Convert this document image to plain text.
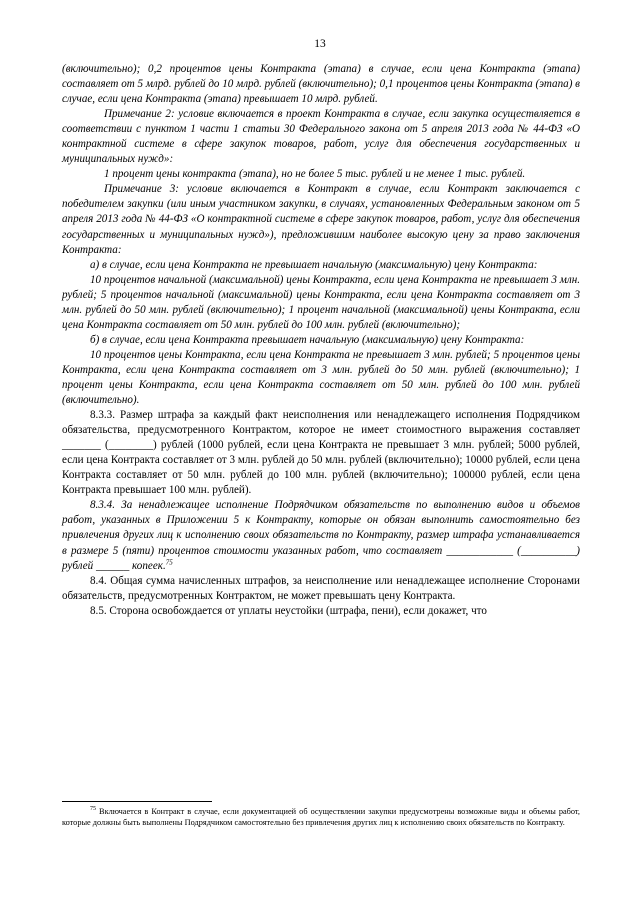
13

(включительно); 0,2 процентов цены Контракта (этапа) в случае, если цена Контракта (этапа) составляет от 5 млрд. рублей до 10 млрд. рублей (включительно); 0,1 процентов цены Контракта (этапа) в случае, если цена Контракта (этапа) превышает 10 млрд. рублей.

Примечание 2: условие включается в проект Контракта в случае, если закупка осуществляется в соответствии с пунктом 1 части 1 статьи 30 Федерального закона от 5 апреля 2013 года № 44-ФЗ «О контрактной системе в сфере закупок товаров, работ, услуг для обеспечения государственных и муниципальных нужд»:

1 процент цены контракта (этапа), но не более 5 тыс. рублей и не менее 1 тыс. рублей.

Примечание 3: условие включается в Контракт в случае, если Контракт заключается с победителем закупки (или иным участником закупки, в случаях, установленных Федеральным законом от 5 апреля 2013 года № 44-ФЗ «О контрактной системе в сфере закупок товаров, работ, услуг для обеспечения государственных и муниципальных нужд»), предложившим наиболее высокую цену за право заключения Контракта:

а) в случае, если цена Контракта не превышает начальную (максимальную) цену Контракта:

10 процентов начальной (максимальной) цены Контракта, если цена Контракта не превышает 3 млн. рублей; 5 процентов начальной (максимальной) цены Контракта, если цена Контракта составляет от 3 млн. рублей до 50 млн. рублей (включительно); 1 процент начальной (максимальной) цены Контракта, если цена Контракта составляет от 50 млн. рублей до 100 млн. рублей (включительно);

б) в случае, если цена Контракта превышает начальную (максимальную) цену Контракта:

10 процентов цены Контракта, если цена Контракта не превышает 3 млн. рублей; 5 процентов цены Контракта, если цена Контракта составляет от 3 млн. рублей до 50 млн. рублей (включительно); 1 процент цены Контракта, если цена Контракта составляет от 50 млн. рублей до 100 млн. рублей (включительно).

8.3.3. Размер штрафа за каждый факт неисполнения или ненадлежащего исполнения Подрядчиком обязательства, предусмотренного Контрактом, которое не имеет стоимостного выражения составляет _______ (________) рублей (1000 рублей, если цена Контракта не превышает 3 млн. рублей; 5000 рублей, если цена Контракта составляет от 3 млн. рублей до 50 млн. рублей (включительно); 10000 рублей, если цена Контракта составляет от 50 млн. рублей до 100 млн. рублей (включительно); 100000 рублей, если цена Контракта превышает 100 млн. рублей).

8.3.4. За ненадлежащее исполнение Подрядчиком обязательств по выполнению видов и объемов работ, указанных в Приложении 5 к Контракту, которые он обязан выполнить самостоятельно без привлечения других лиц к исполнению своих обязательств по Контракту, размер штрафа устанавливается в размере 5 (пяти) процентов стоимости указанных работ, что составляет ____________ (__________) рублей ______ копеек.$^{75}$

8.4. Общая сумма начисленных штрафов, за неисполнение или ненадлежащее исполнение Сторонами обязательств, предусмотренных Контрактом, не может превышать цену Контракта.

8.5. Сторона освобождается от уплаты неустойки (штрафа, пени), если докажет, что

$^{75}$ Включается в Контракт в случае, если документацией об осуществлении закупки предусмотрены возможные виды и объемы работ, которые должны быть выполнены Подрядчиком самостоятельно без привлечения других лиц к исполнению своих обязательств по Контракту.
